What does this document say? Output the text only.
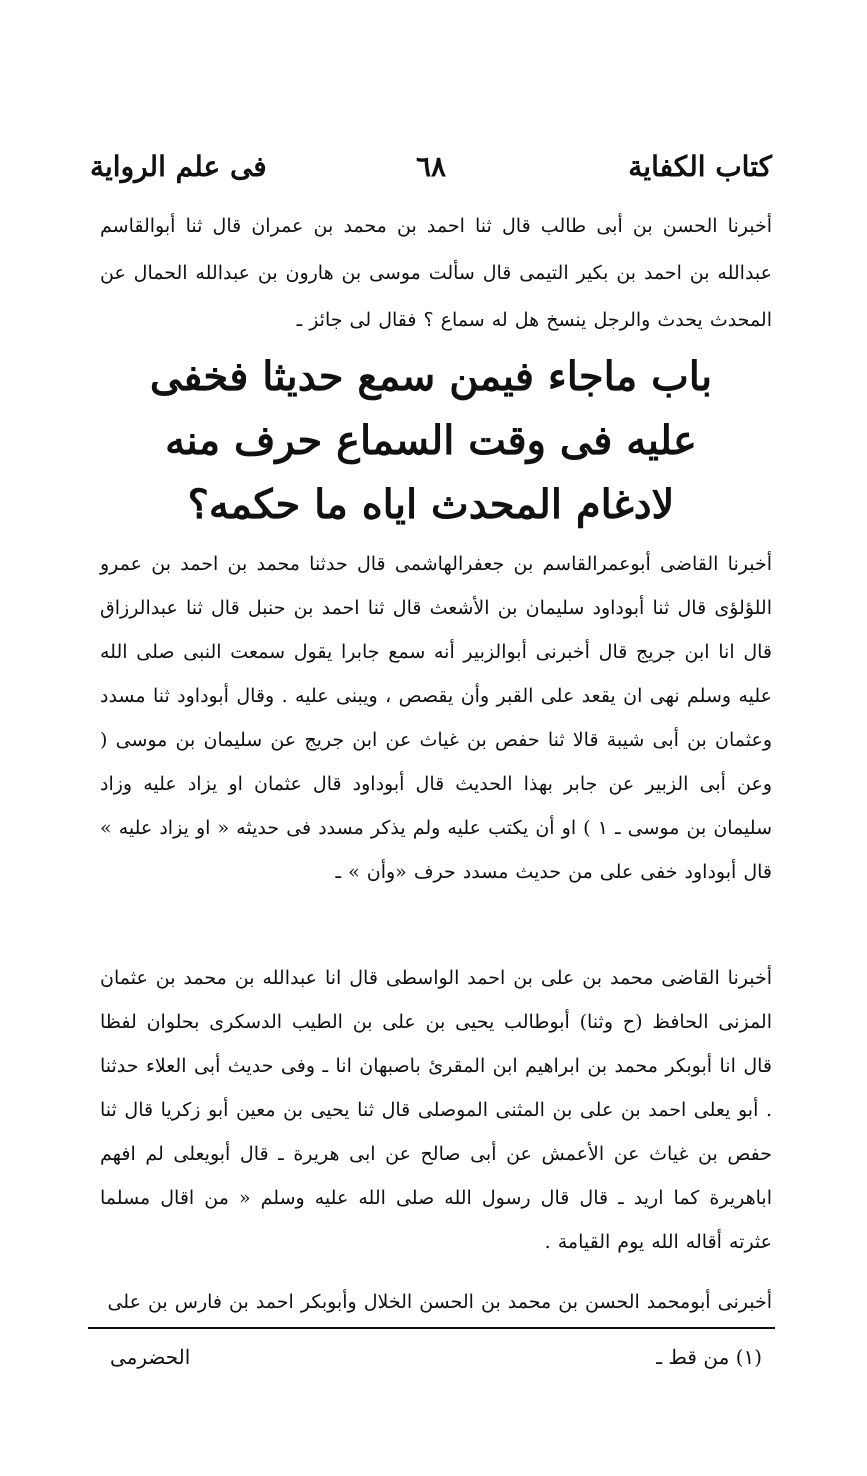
كتاب الكفاية
٦٨
فى علم الرواية

أخبرنا الحسن بن أبى طالب قال ثنا احمد بن محمد بن عمران قال ثنا أبوالقاسم عبدالله بن احمد بن بكير التيمى قال سألت موسى بن هارون بن عبدالله الحمال عن المحدث يحدث والرجل ينسخ هل له سماع ؟ فقال لى جائز ـ

باب ماجاء فيمن سمع حديثا فخفى عليه فى وقت السماع حرف منه لادغام المحدث اياه ما حكمه؟

أخبرنا القاضى أبوعمرالقاسم بن جعفرالهاشمى قال حدثنا محمد بن احمد بن عمرو اللؤلؤى قال ثنا أبوداود سليمان بن الأشعث قال ثنا احمد بن حنبل قال ثنا عبدالرزاق قال انا ابن جريج قال أخبرنى أبوالزبير أنه سمع جابرا يقول سمعت النبى صلى الله عليه وسلم نهى ان يقعد على القبر وأن يقصص ، ويبنى عليه . وقال أبوداود ثنا مسدد وعثمان بن أبى شيبة قالا ثنا حفص بن غياث عن ابن جريج عن سليمان بن موسى ( وعن أبى الزبير عن جابر بهذا الحديث قال أبوداود قال عثمان او يزاد عليه وزاد سليمان بن موسى ـ ١ ) او أن يكتب عليه ولم يذكر مسدد فى حديثه « او يزاد عليه » قال أبوداود خفى على من حديث مسدد حرف «وأن » ـ

أخبرنا القاضى محمد بن على بن احمد الواسطى قال انا عبدالله بن محمد بن عثمان المزنى الحافظ (ح وثنا) أبوطالب يحيى بن على بن الطيب الدسكرى بحلوان لفظا قال انا أبوبكر محمد بن ابراهيم ابن المقرئ باصبهان انا ـ وفى حديث أبى العلاء حدثنا . أبو يعلى احمد بن على بن المثنى الموصلى قال ثنا يحيى بن معين أبو زكريا قال ثنا حفص بن غياث عن الأعمش عن أبى صالح عن ابى هريرة ـ قال أبويعلى لم افهم اباهريرة كما اريد ـ قال قال رسول الله صلى الله عليه وسلم « من اقال مسلما عثرته أقاله الله يوم القيامة .

أخبرنى أبومحمد الحسن بن محمد بن الحسن الخلال وأبوبكر احمد بن فارس بن على

(١) من قط ـ
الحضرمى
